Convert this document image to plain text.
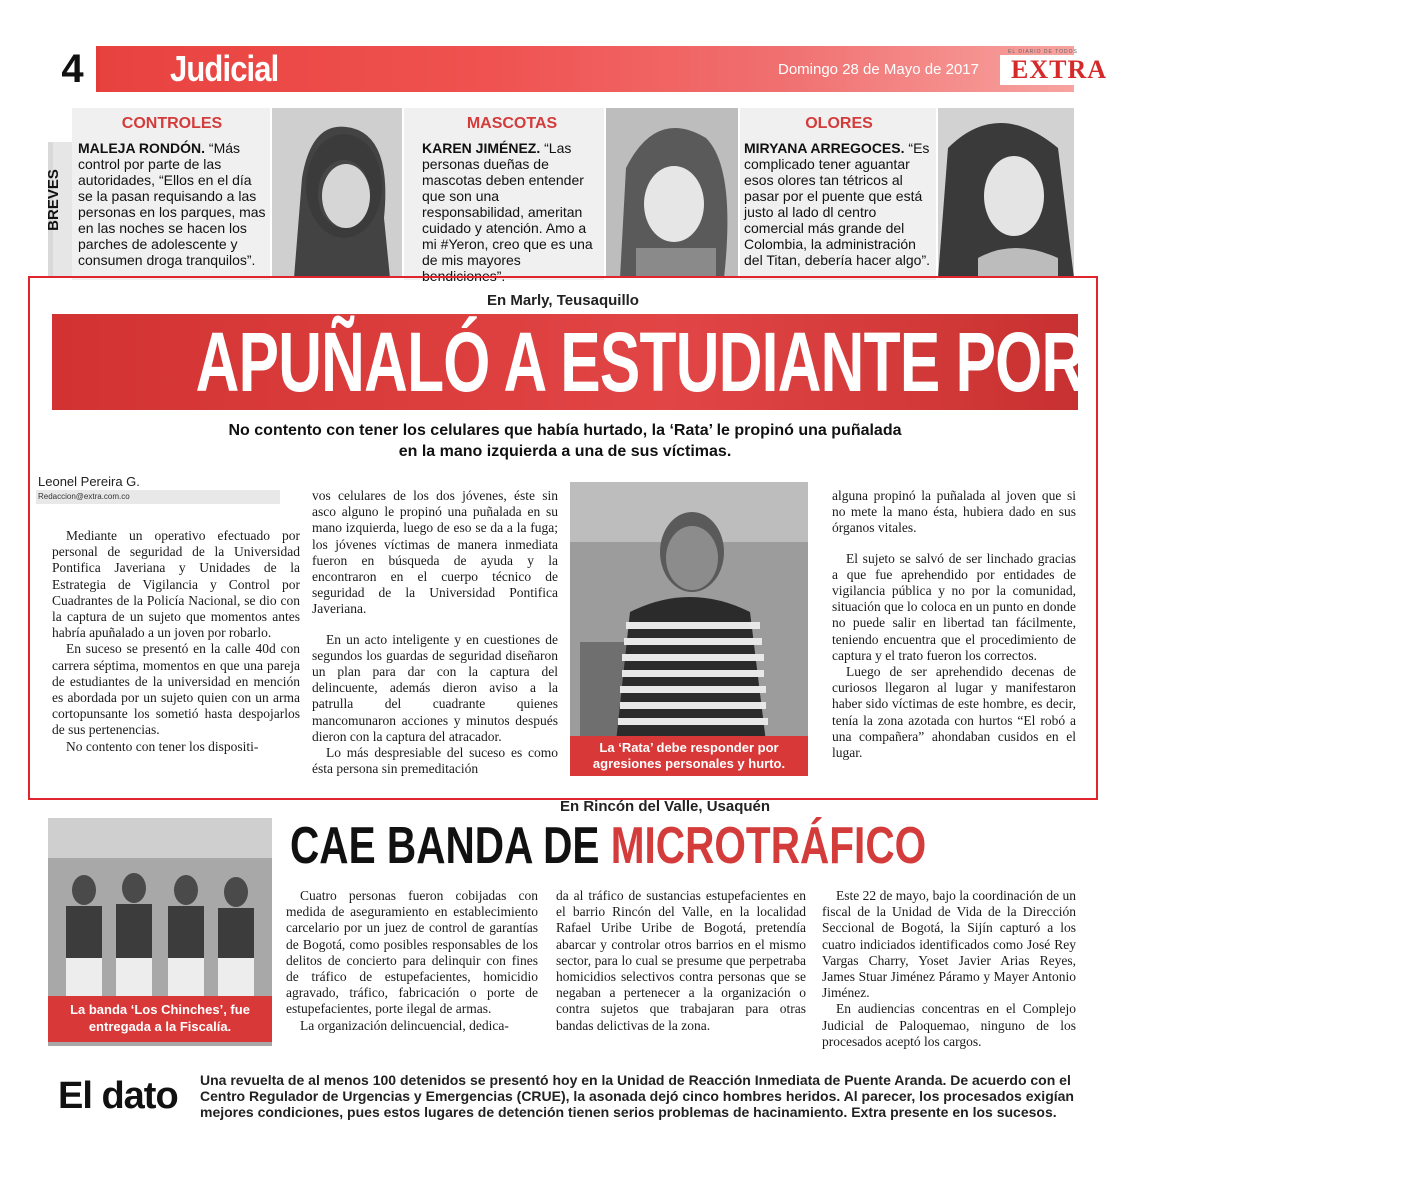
4	Judicial	Domingo 28 de Mayo de 2017
EL DIARIO DE TODOS
EXTRA
BREVES
CONTROLES
MALEJA RONDÓN. “Más control por parte de las autoridades, “Ellos en el día se la pasan requisando a las personas en los parques, mas en las noches se hacen los parches de adolescente y consumen droga tranquilos”.
MASCOTAS
KAREN JIMÉNEZ. “Las personas dueñas de mascotas deben entender que son una responsabilidad, ameritan cuidado y atención. Amo a mi #Yeron, creo que es una de mis mayores bendiciones”.
OLORES
MIRYANA ARREGOCES. “Es complicado tener aguantar esos olores tan tétricos al pasar por el puente que está justo al lado dl centro comercial más grande del Colombia, la administración del Titan, debería hacer algo”.
En Marly, Teusaquillo
APUÑALÓ A ESTUDIANTE POR ROBARLO
No contento con tener los celulares que había hurtado, la ‘Rata’ le propinó una puñalada
en la mano izquierda a una de sus víctimas.
Leonel Pereira G.
Redaccion@extra.com.co

Mediante un operativo efectuado por personal de seguridad de la Universidad Pontifica Javeriana y Unidades de la Estrategia de Vigilancia y Control por Cuadrantes de la Policía Nacional, se dio con la captura de un sujeto que momentos antes habría apuñalado a un joven por robarlo.

En suceso se presentó en la calle 40d con carrera séptima, momentos en que una pareja de estudiantes de la universidad en mención es abordada por un sujeto quien con un arma cortopunsante los sometió hasta despojarlos de sus pertenencias.

No contento con tener los dispositi-

vos celulares de los dos jóvenes, éste sin asco alguno le propinó una puñalada en su mano izquierda, luego de eso se da a la fuga; los jóvenes víctimas de manera inmediata fueron en búsqueda de ayuda y la encontraron en el cuerpo técnico de seguridad de la Universidad Pontifica Javeriana.

En un acto inteligente y en cuestiones de segundos los guardas de seguridad diseñaron un plan para dar con la captura del delincuente, además dieron aviso a la patrulla del cuadrante quienes mancomunaron acciones y minutos después dieron con la captura del atracador.

Lo más despresiable del suceso es como ésta persona sin premeditación

La ‘Rata’ debe responder por agresiones personales y hurto.

alguna propinó la puñalada al joven que si no mete la mano ésta, hubiera dado en sus órganos vitales.

El sujeto se salvó de ser linchado gracias a que fue aprehendido por entidades de vigilancia pública y no por la comunidad, situación que lo coloca en un punto en donde no puede salir en libertad tan fácilmente, teniendo encuentra que el procedimiento de captura y el trato fueron los correctos.

Luego de ser aprehendido decenas de curiosos llegaron al lugar y manifestaron haber sido víctimas de este hombre, es decir, tenía la zona azotada con hurtos “El robó a una compañera” ahondaban cusidos en el lugar.

En Rincón del Valle, Usaquén
CAE BANDA DE MICROTRÁFICO
La banda ‘Los Chinches’, fue entregada a la Fiscalía.

Cuatro personas fueron cobijadas con medida de aseguramiento en establecimiento carcelario por un juez de control de garantías de Bogotá, como posibles responsables de los delitos de concierto para delinquir con fines de tráfico de estupefacientes, homicidio agravado, tráfico, fabricación o porte de estupefacientes, porte ilegal de armas.

La organización delincuencial, dedica-

da al tráfico de sustancias estupefacientes en el barrio Rincón del Valle, en la localidad Rafael Uribe Uribe de Bogotá, pretendía abarcar y controlar otros barrios en el mismo sector, para lo cual se presume que perpetraba homicidios selectivos contra personas que se negaban a pertenecer a la organización o contra sujetos que trabajaran para otras bandas delictivas de la zona.

Este 22 de mayo, bajo la coordinación de un fiscal de la Unidad de Vida de la Dirección Seccional de Bogotá, la Sijín capturó a los cuatro indiciados identificados como José Rey Vargas Charry, Yoset Javier Arias Reyes, James Stuar Jiménez Páramo y Mayer Antonio Jiménez.

En audiencias concentras en el Complejo Judicial de Paloquemao, ninguno de los procesados aceptó los cargos.

El dato Una revuelta de al menos 100 detenidos se presentó hoy en la Unidad de Reacción Inmediata de Puente Aranda. De acuerdo con el Centro Regulador de Urgencias y Emergencias (CRUE), la asonada dejó cinco hombres heridos. Al parecer, los procesados exigían mejores condiciones, pues estos lugares de detención tienen serios problemas de hacinamiento. Extra presente en los sucesos.
